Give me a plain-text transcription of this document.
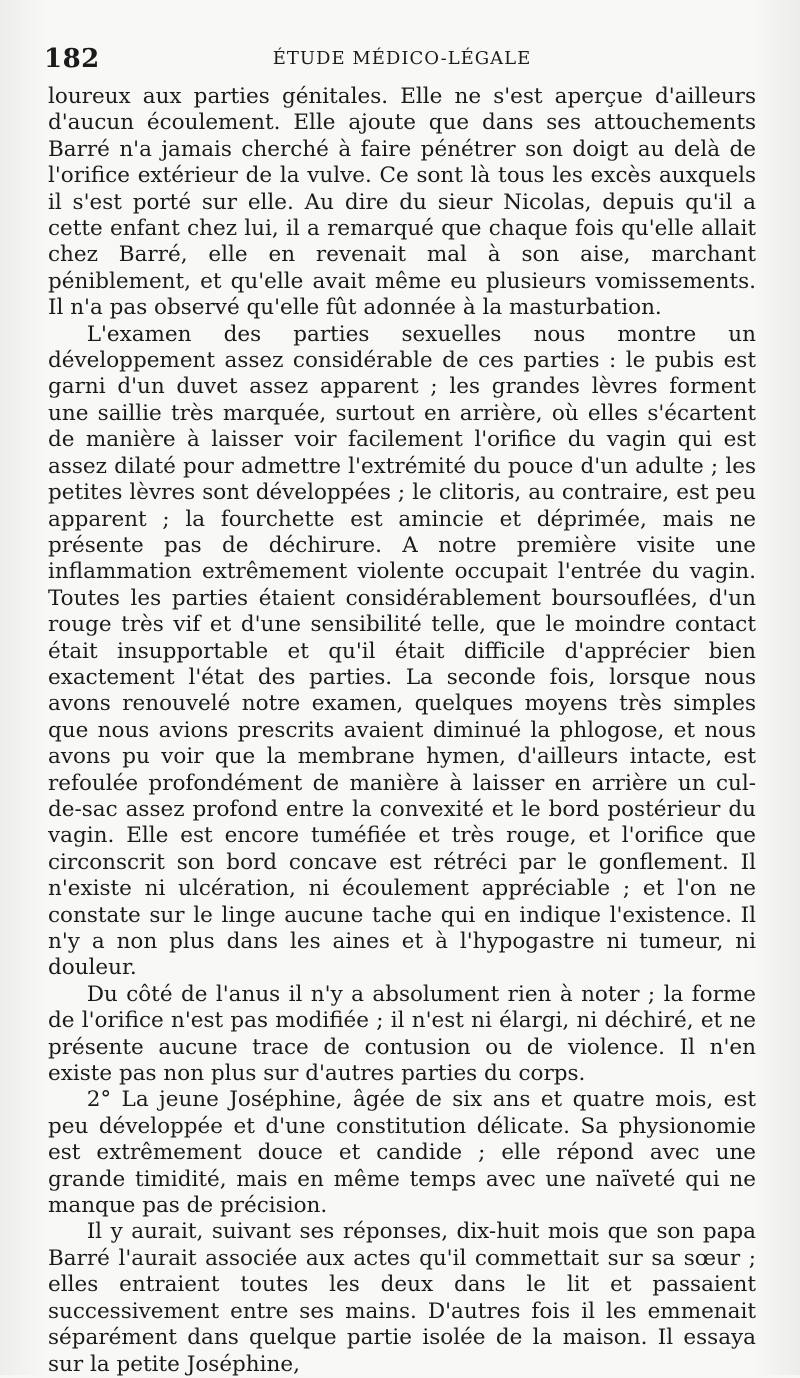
182	ÉTUDE MÉDICO-LÉGALE

loureux aux parties génitales. Elle ne s'est aperçue d'ailleurs d'aucun écoulement. Elle ajoute que dans ses attouchements Barré n'a jamais cherché à faire pénétrer son doigt au delà de l'orifice extérieur de la vulve. Ce sont là tous les excès auxquels il s'est porté sur elle. Au dire du sieur Nicolas, depuis qu'il a cette enfant chez lui, il a remarqué que chaque fois qu'elle allait chez Barré, elle en revenait mal à son aise, marchant péniblement, et qu'elle avait même eu plusieurs vomissements. Il n'a pas observé qu'elle fût adonnée à la masturbation.

L'examen des parties sexuelles nous montre un développement assez considérable de ces parties : le pubis est garni d'un duvet assez apparent ; les grandes lèvres forment une saillie très marquée, surtout en arrière, où elles s'écartent de manière à laisser voir facilement l'orifice du vagin qui est assez dilaté pour admettre l'extrémité du pouce d'un adulte ; les petites lèvres sont développées ; le clitoris, au contraire, est peu apparent ; la fourchette est amincie et déprimée, mais ne présente pas de déchirure. A notre première visite une inflammation extrêmement violente occupait l'entrée du vagin. Toutes les parties étaient considérablement boursouflées, d'un rouge très vif et d'une sensibilité telle, que le moindre contact était insupportable et qu'il était difficile d'apprécier bien exactement l'état des parties. La seconde fois, lorsque nous avons renouvelé notre examen, quelques moyens très simples que nous avions prescrits avaient diminué la phlogose, et nous avons pu voir que la membrane hymen, d'ailleurs intacte, est refoulée profondément de manière à laisser en arrière un cul-de-sac assez profond entre la convexité et le bord postérieur du vagin. Elle est encore tuméfiée et très rouge, et l'orifice que circonscrit son bord concave est rétréci par le gonflement. Il n'existe ni ulcération, ni écoulement appréciable ; et l'on ne constate sur le linge aucune tache qui en indique l'existence. Il n'y a non plus dans les aines et à l'hypogastre ni tumeur, ni douleur.

Du côté de l'anus il n'y a absolument rien à noter ; la forme de l'orifice n'est pas modifiée ; il n'est ni élargi, ni déchiré, et ne présente aucune trace de contusion ou de violence. Il n'en existe pas non plus sur d'autres parties du corps.

2° La jeune Joséphine, âgée de six ans et quatre mois, est peu développée et d'une constitution délicate. Sa physionomie est extrêmement douce et candide ; elle répond avec une grande timidité, mais en même temps avec une naïveté qui ne manque pas de précision.

Il y aurait, suivant ses réponses, dix-huit mois que son papa Barré l'aurait associée aux actes qu'il commettait sur sa sœur ; elles entraient toutes les deux dans le lit et passaient successivement entre ses mains. D'autres fois il les emmenait séparément dans quelque partie isolée de la maison. Il essaya sur la petite Joséphine,
